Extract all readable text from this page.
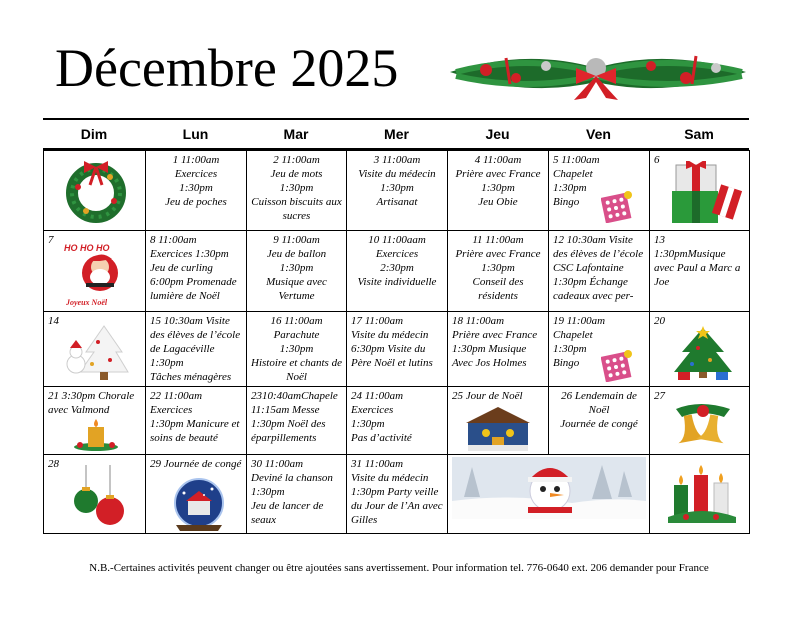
Décembre 2025
Dim	Lun	Mar	Mer	Jeu	Ven	Sam

1 11:00am
Exercices
1:30pm
Jeu de poches	2 11:00am
Jeu de mots
1:30pm
Cuisson biscuits aux sucres	3 11:00am
Visite du médecin
1:30pm
Artisanat	4 11:00am
Prière avec France
1:30pm
Jeu Obie	5 11:00am
Chapelet
1:30pm
Bingo	6

7
HO HO HO
Joyeux Noël	8 11:00am
Exercices 1:30pm
Jeu de curling
6:00pm Promenade lumière de Noël	9 11:00am
Jeu de ballon
1:30pm
Musique avec Vertume	10 11:00aam
Exercices
2:30pm
Visite individuelle	11 11:00am
Prière avec France
1:30pm
Conseil des résidents	12 10:30am Visite des élèves de l’école CSC Lafontaine
1:30pm Échange cadeaux avec per-	13
1:30pmMusique avec Paul a Marc a Joe

14	15 10:30am Visite des élèves de l’école de Lagacéville
1:30pm
Tâches ménagères	16 11:00am
Parachute
1:30pm
Histoire et chants de Noël	17 11:00am
Visite du médecin
6:30pm Visite du Père Noël et lutins	18 11:00am
Prière avec France
1:30pm Musique
Avec Jos Holmes	19 11:00am
Chapelet
1:30pm
Bingo	20

21 3:30pm Chorale avec Valmond	22 11:00am
Exercices
1:30pm Manicure et soins de beauté	2310:40amChapele 11:15am Messe
1:30pm Noël des éparpillements	24 11:00am
Exercices
1:30pm
Pas d’activité	25 Jour de Noël	26 Lendemain de Noël
Journée de congé	27

28	29 Journée de congé	30 11:00am
Deviné la chanson
1:30pm
Jeu de lancer de seaux	31 11:00am
Visite du médecin
1:30pm Party veille du Jour de l’An avec Gilles

N.B.-Certaines activités peuvent changer ou être ajoutées sans avertissement. Pour information tel. 776-0640 ext. 206 demander pour France
